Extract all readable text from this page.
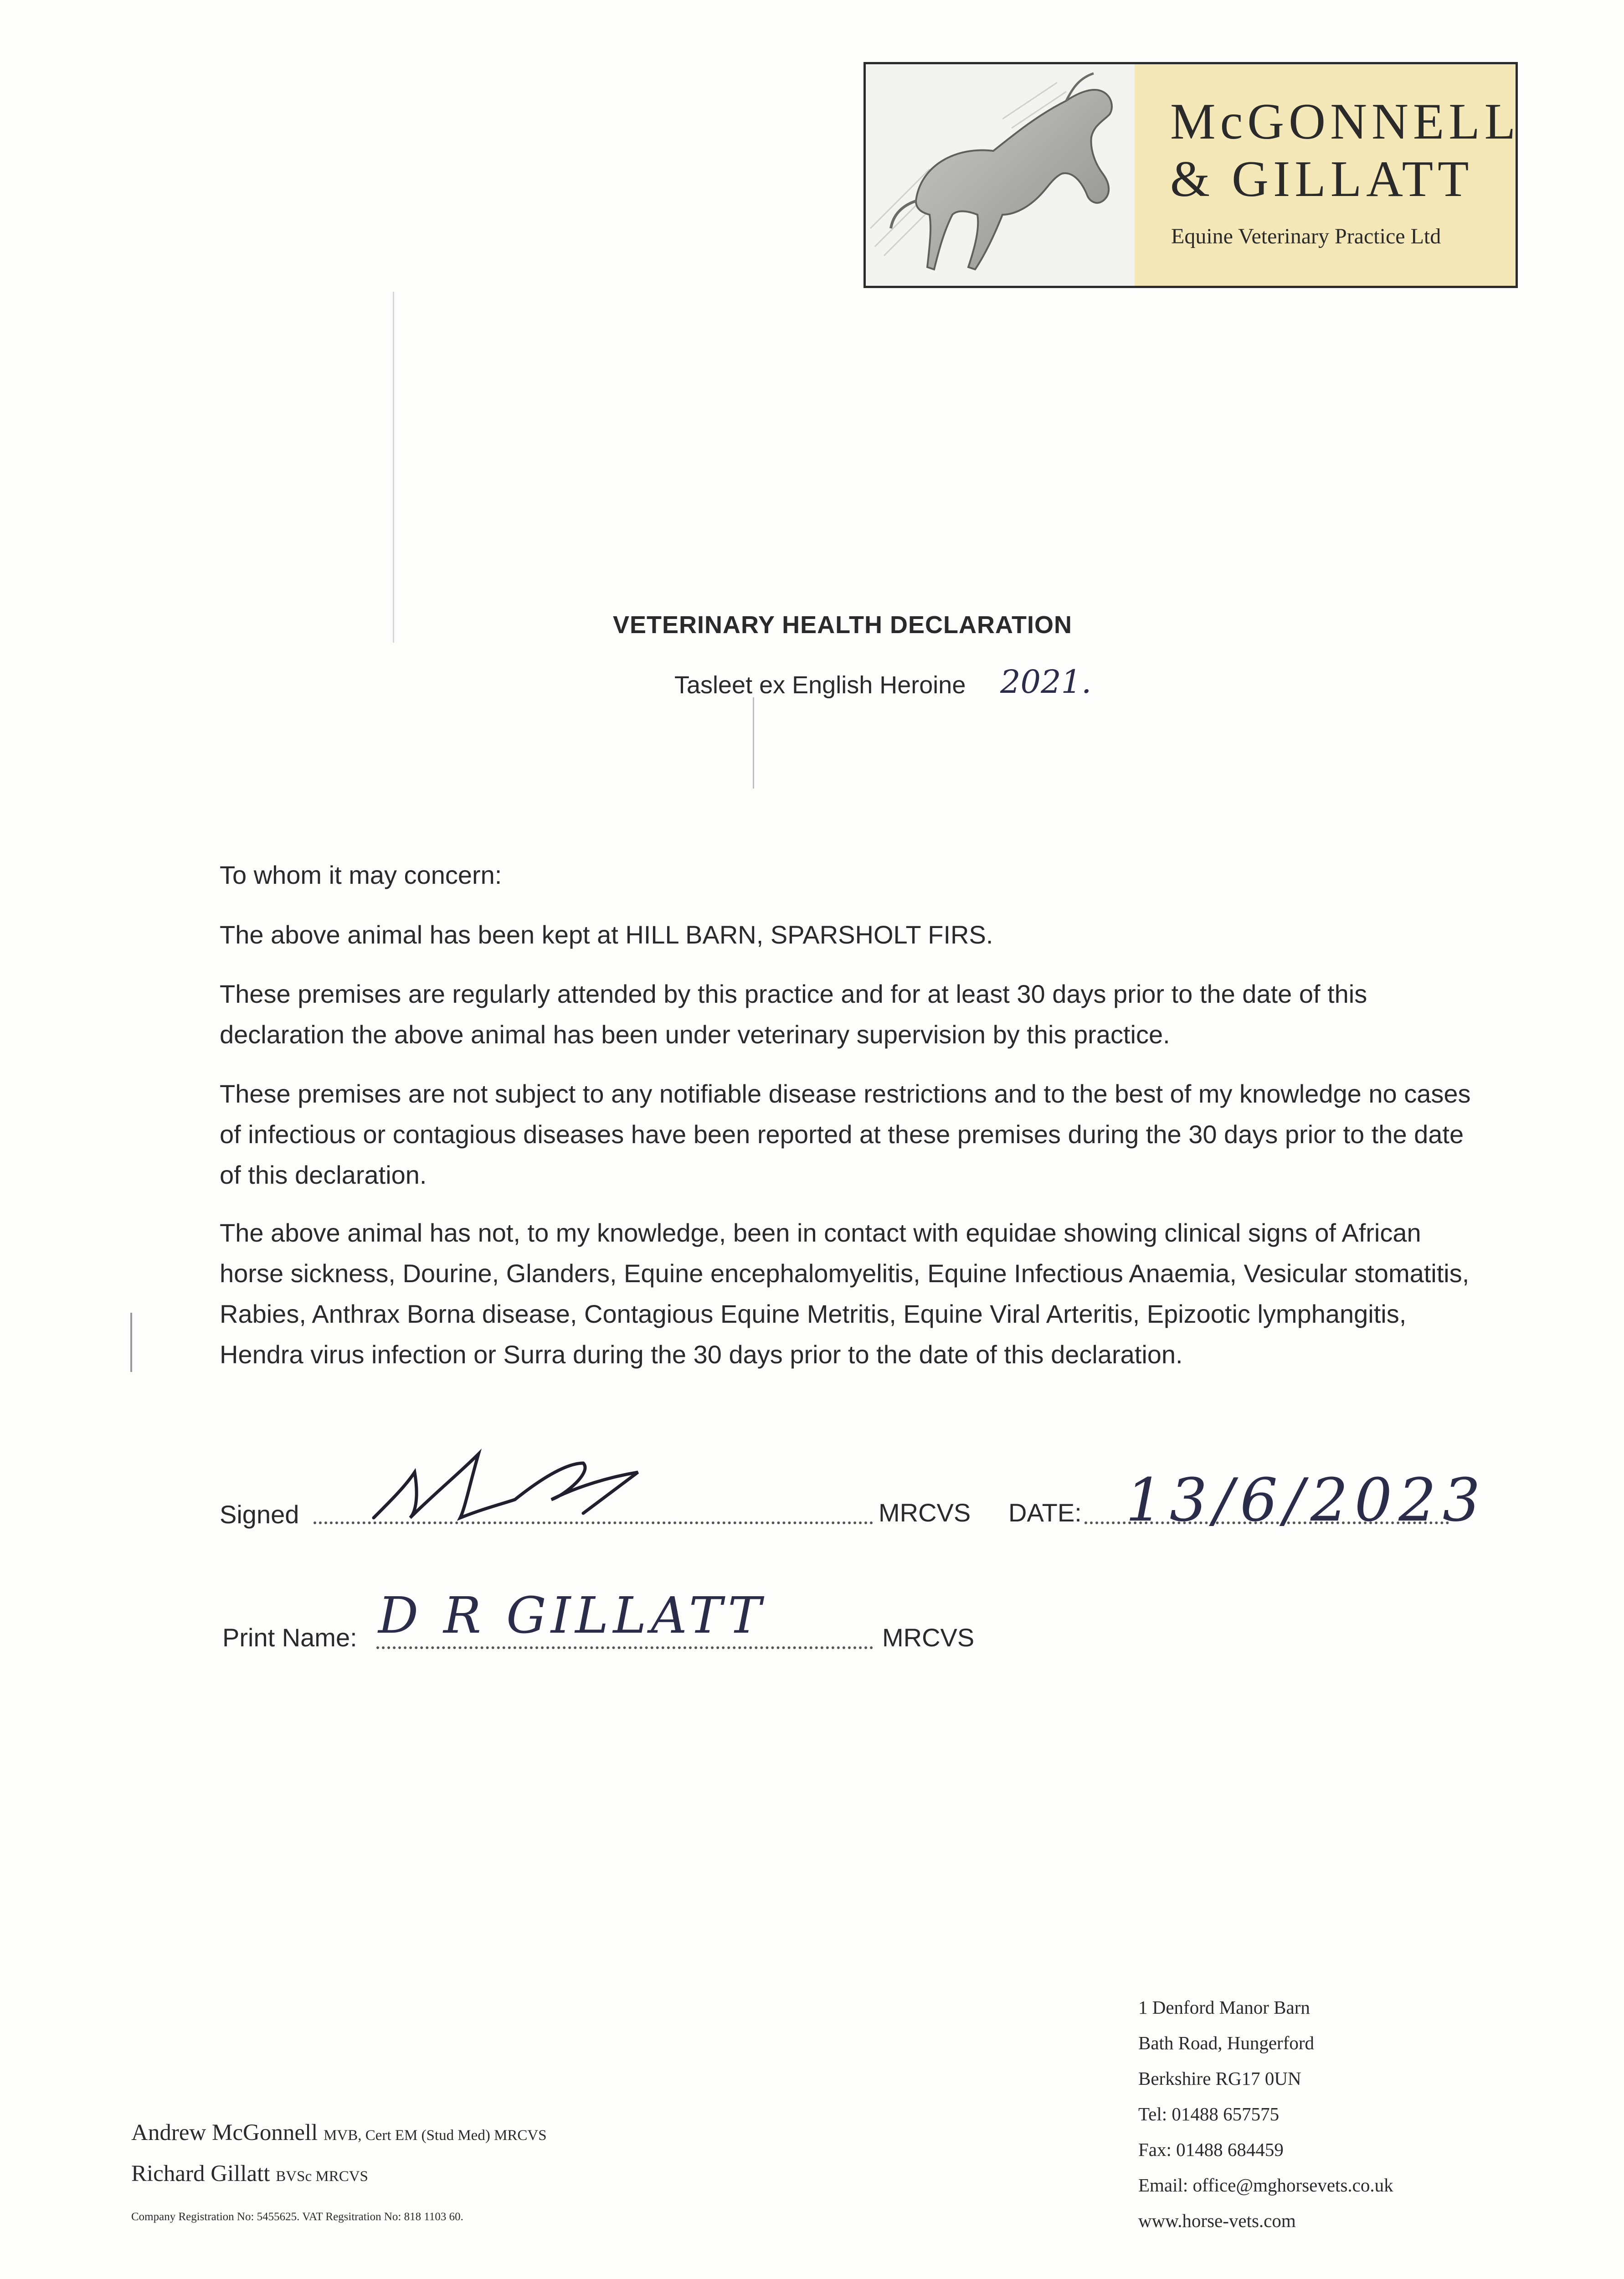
McGONNELL
& GILLATT
Equine Veterinary Practice Ltd
VETERINARY HEALTH DECLARATION
Tasleet ex English Heroine 2021.

To whom it may concern:

The above animal has been kept at HILL BARN, SPARSHOLT FIRS.

These premises are regularly attended by this practice and for at least 30 days prior to the date of this declaration the above animal has been under veterinary supervision by this practice.

These premises are not subject to any notifiable disease restrictions and to the best of my knowledge no cases of infectious or contagious diseases have been reported at these premises during the 30 days prior to the date of this declaration.

The above animal has not, to my knowledge, been in contact with equidae showing clinical signs of African horse sickness, Dourine, Glanders, Equine encephalomyelitis, Equine Infectious Anaemia, Vesicular stomatitis, Rabies, Anthrax Borna disease, Contagious Equine Metritis, Equine Viral Arteritis, Epizootic lymphangitis, Hendra virus infection or Surra during the 30 days prior to the date of this declaration.

Signed	MRCVS DATE: 13/6/2023
Print Name: D R GILLATT	MRCVS
1 Denford Manor Barn
Bath Road, Hungerford
Berkshire RG17 0UN
Tel: 01488 657575
Fax: 01488 684459
Email: office@mghorsevets.co.uk
www.horse-vets.com
Andrew McGonnell MVB, Cert EM (Stud Med) MRCVS
Richard Gillatt BVSc MRCVS
Company Registration No: 5455625. VAT Regsitration No: 818 1103 60.
